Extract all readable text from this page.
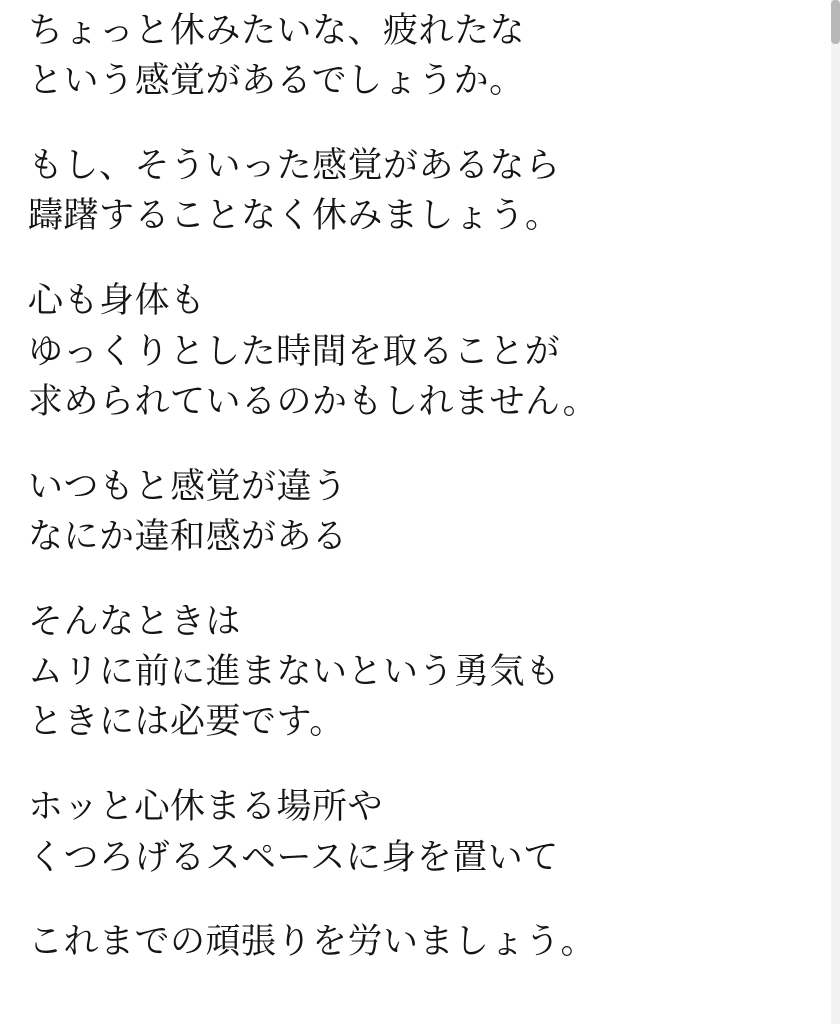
ちょっと休みたいな、疲れたな
という感覚があるでしょうか。
もし、そういった感覚があるなら
躊躇することなく休みましょう。
心も身体も
ゆっくりとした時間を取ることが
求められているのかもしれません。
いつもと感覚が違う
なにか違和感がある
そんなときは
ムリに前に進まないという勇気も
ときには必要です。
ホッと心休まる場所や
くつろげるスペースに身を置いて
これまでの頑張りを労いましょう。
